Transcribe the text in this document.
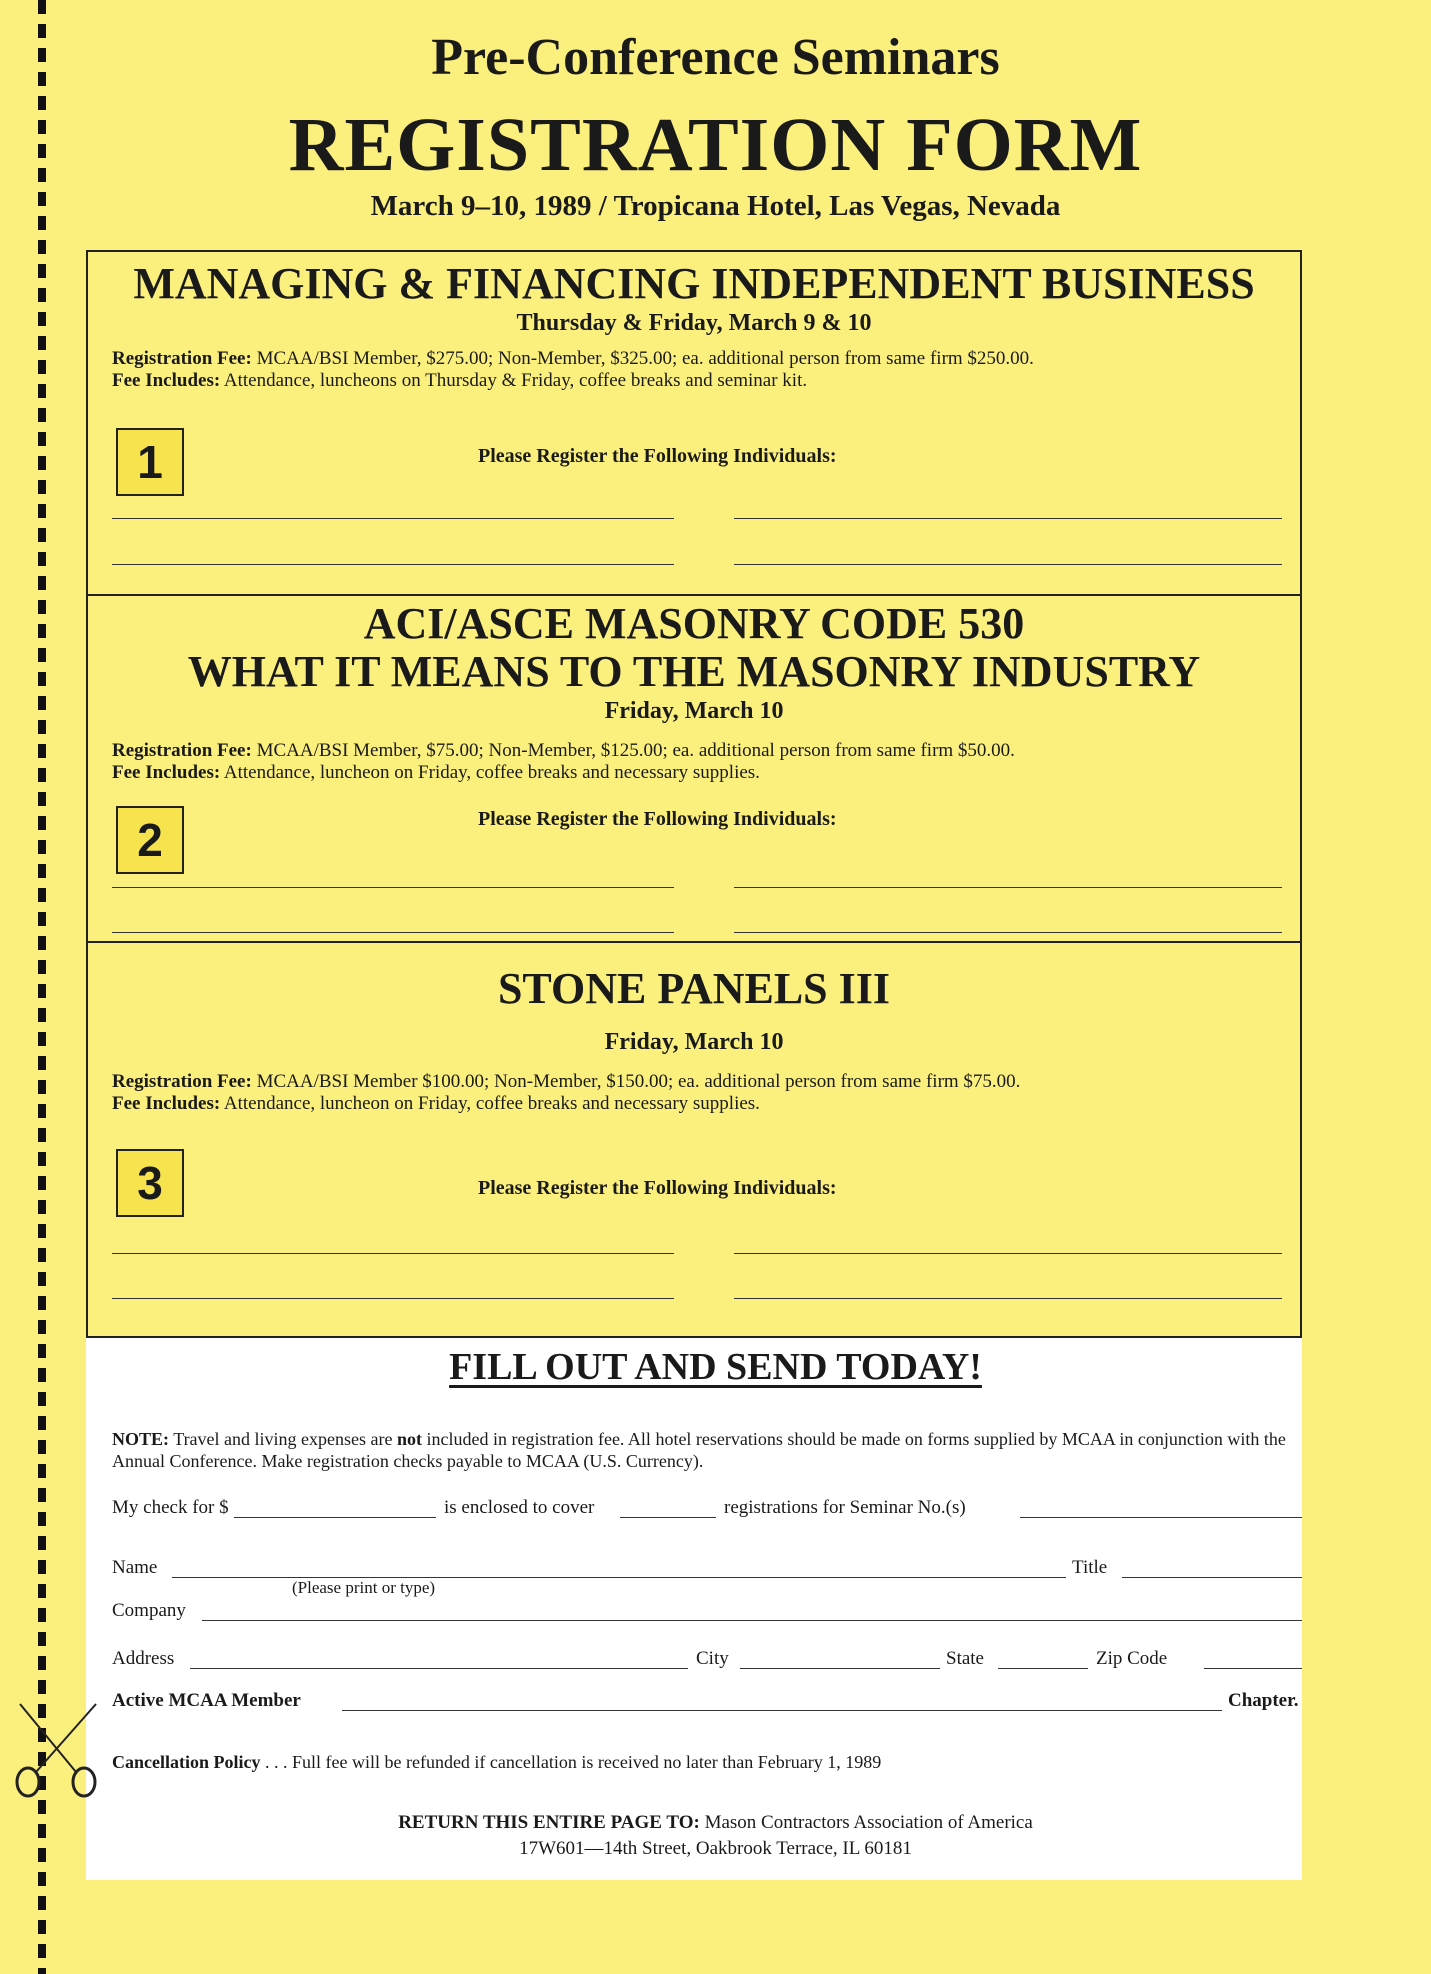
Pre-Conference Seminars
REGISTRATION FORM
March 9–10, 1989 / Tropicana Hotel, Las Vegas, Nevada
MANAGING & FINANCING INDEPENDENT BUSINESS
Thursday & Friday, March 9 & 10
Registration Fee: MCAA/BSI Member, $275.00; Non-Member, $325.00; ea. additional person from same firm $250.00.
Fee Includes: Attendance, luncheons on Thursday & Friday, coffee breaks and seminar kit.
1	Please Register the Following Individuals:
ACI/ASCE MASONRY CODE 530
WHAT IT MEANS TO THE MASONRY INDUSTRY
Friday, March 10
Registration Fee: MCAA/BSI Member, $75.00; Non-Member, $125.00; ea. additional person from same firm $50.00.
Fee Includes: Attendance, luncheon on Friday, coffee breaks and necessary supplies.
2	Please Register the Following Individuals:
STONE PANELS III
Friday, March 10
Registration Fee: MCAA/BSI Member $100.00; Non-Member, $150.00; ea. additional person from same firm $75.00.
Fee Includes: Attendance, luncheon on Friday, coffee breaks and necessary supplies.
3	Please Register the Following Individuals:
FILL OUT AND SEND TODAY!
NOTE: Travel and living expenses are not included in registration fee. All hotel reservations should be made on forms supplied by MCAA in conjunction with the Annual Conference. Make registration checks payable to MCAA (U.S. Currency).
My check for $	is enclosed to cover	registrations for Seminar No.(s)
Name	Title
(Please print or type)
Company
Address	City	State	Zip Code
Active MCAA Member	Chapter.
Cancellation Policy . . . Full fee will be refunded if cancellation is received no later than February 1, 1989
RETURN THIS ENTIRE PAGE TO: Mason Contractors Association of America
17W601—14th Street, Oakbrook Terrace, IL 60181
